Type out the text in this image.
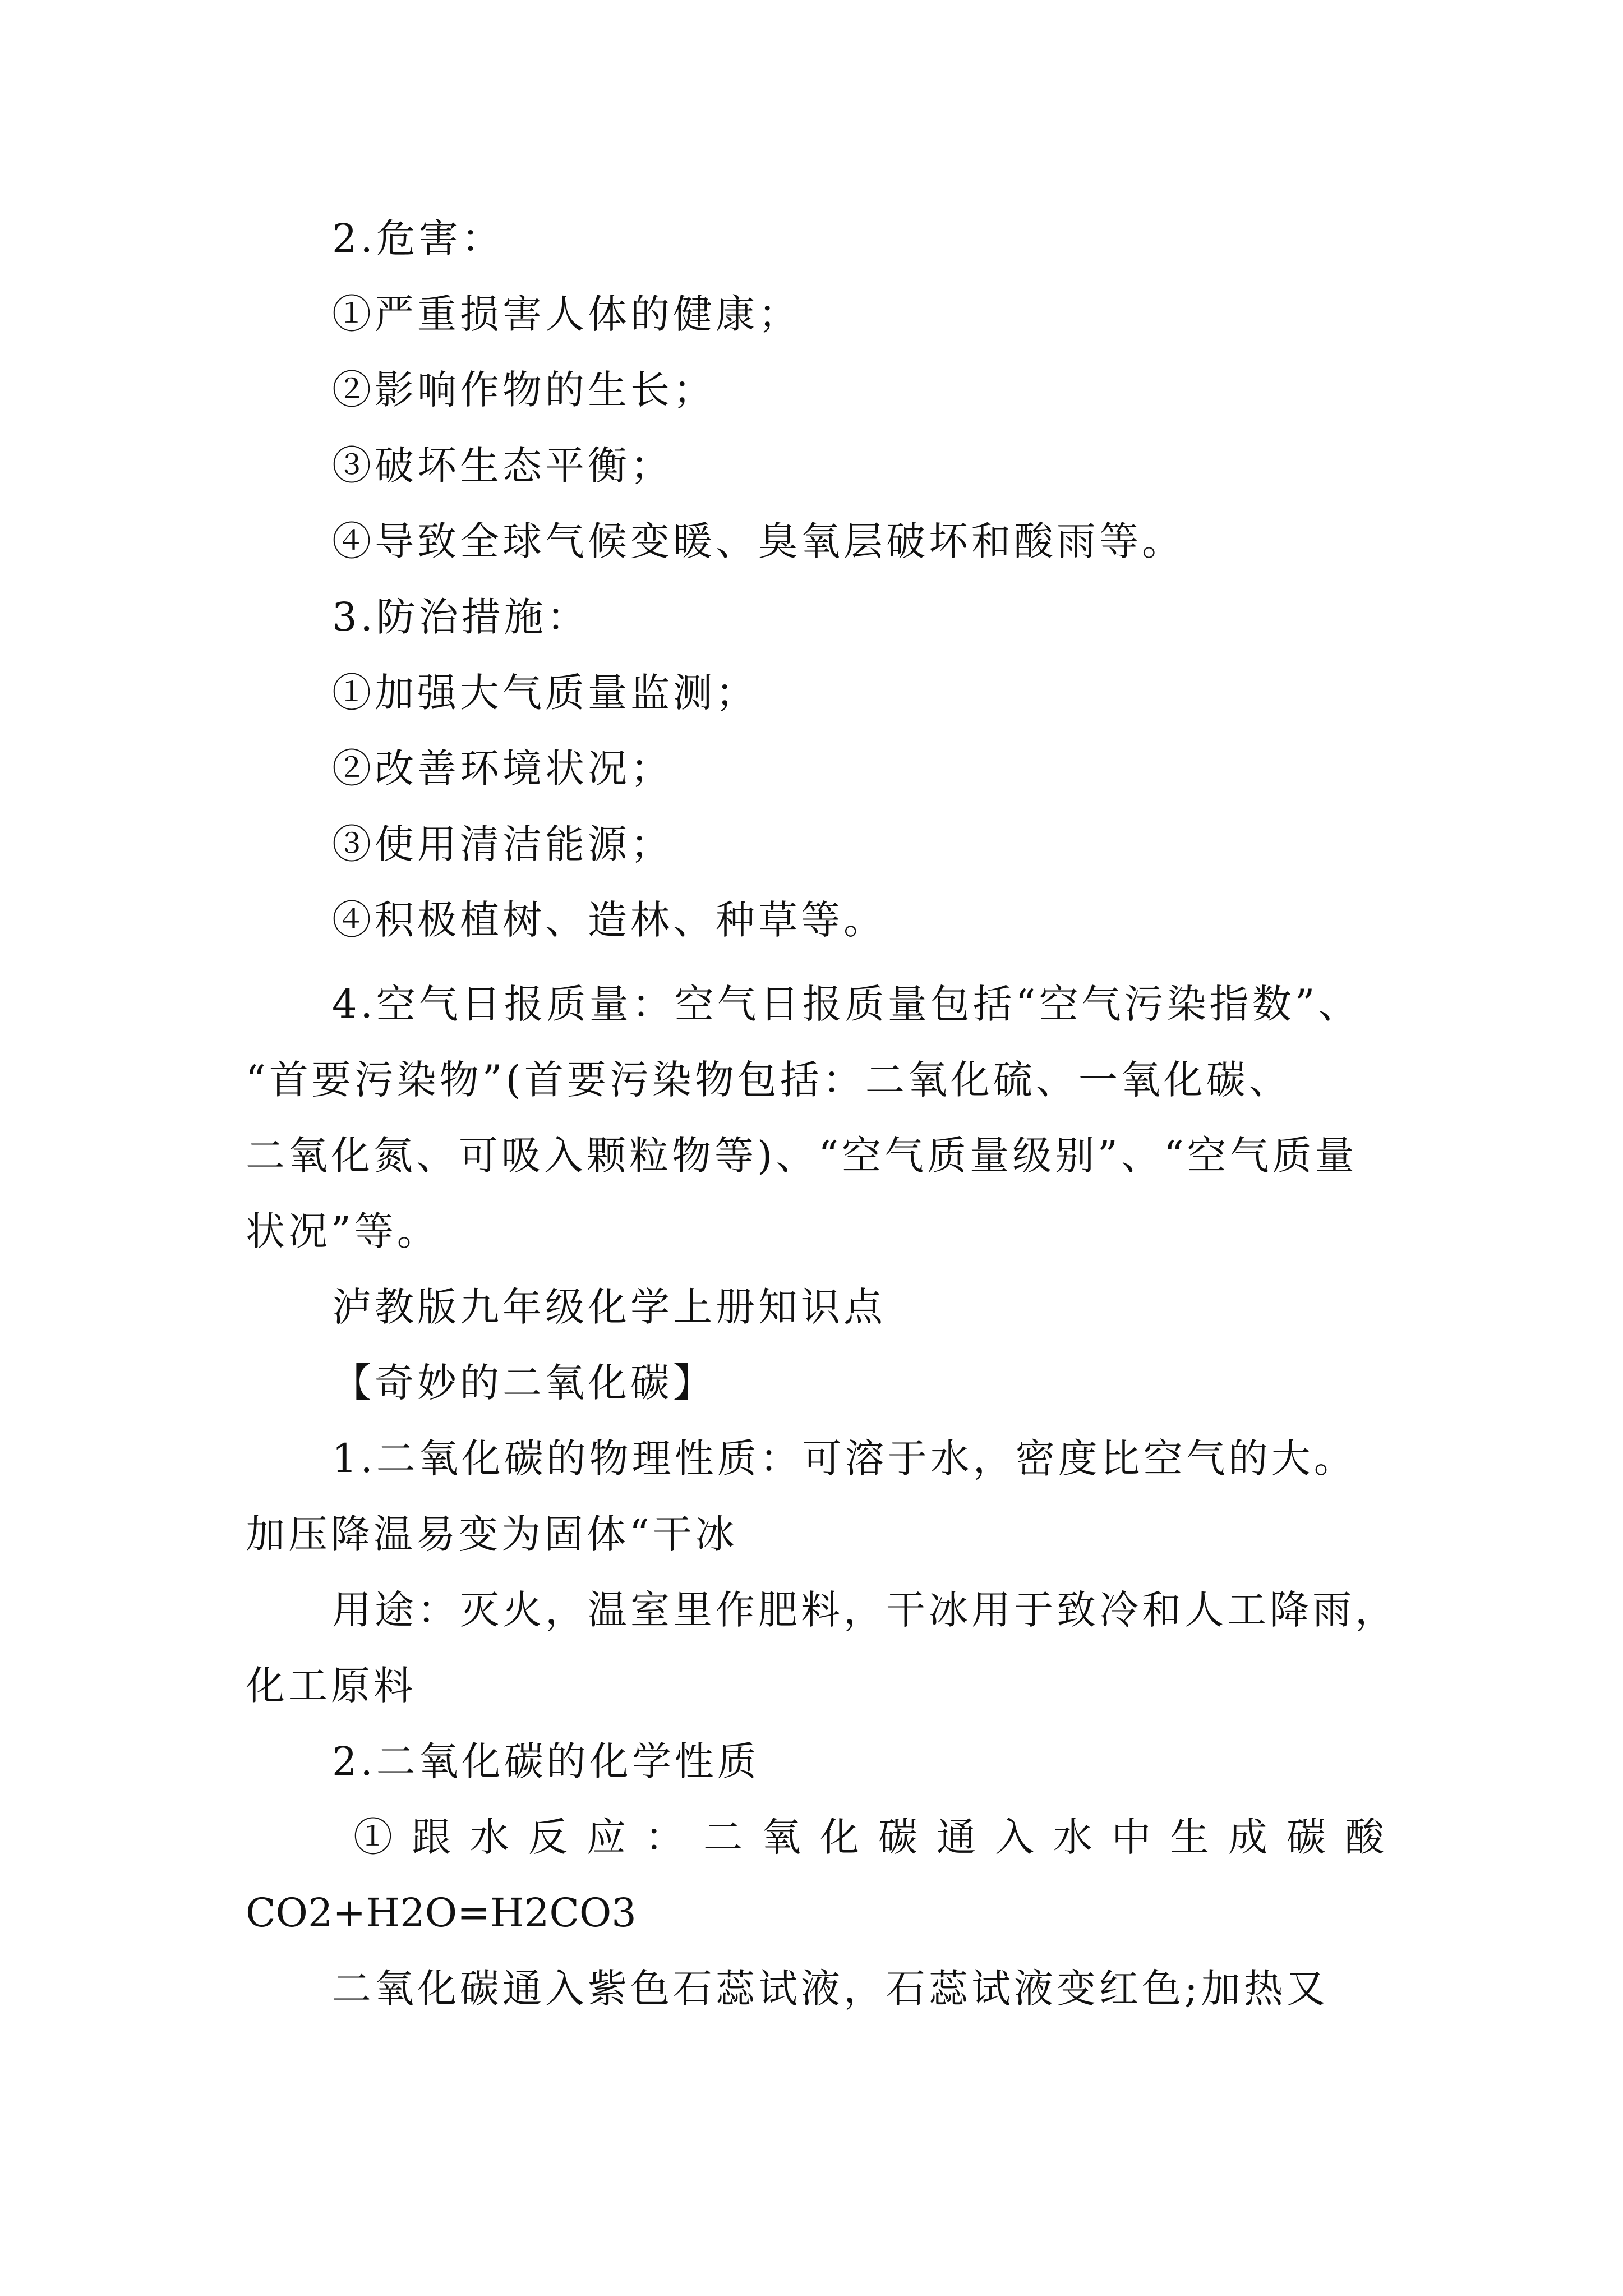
2.危害：
①严重损害人体的健康；
②影响作物的生长；
③破坏生态平衡；
④导致全球气候变暖、臭氧层破坏和酸雨等。
3.防治措施：
①加强大气质量监测；
②改善环境状况；
③使用清洁能源；
④积极植树、造林、种草等。
4.空气日报质量：空气日报质量包括“空气污染指数”、
“首要污染物”(首要污染物包括：二氧化硫、一氧化碳、
二氧化氮、可吸入颗粒物等)、“空气质量级别”、“空气质量
状况”等。
泸教版九年级化学上册知识点
【奇妙的二氧化碳】
1.二氧化碳的物理性质：可溶于水，密度比空气的大。
加压降温易变为固体“干冰
用途：灭火，温室里作肥料，干冰用于致冷和人工降雨，
化工原料
2.二氧化碳的化学性质
①跟水反应：二氧化碳通入水中生成碳酸
CO2+H2O=H2CO3
二氧化碳通入紫色石蕊试液，石蕊试液变红色;加热又
